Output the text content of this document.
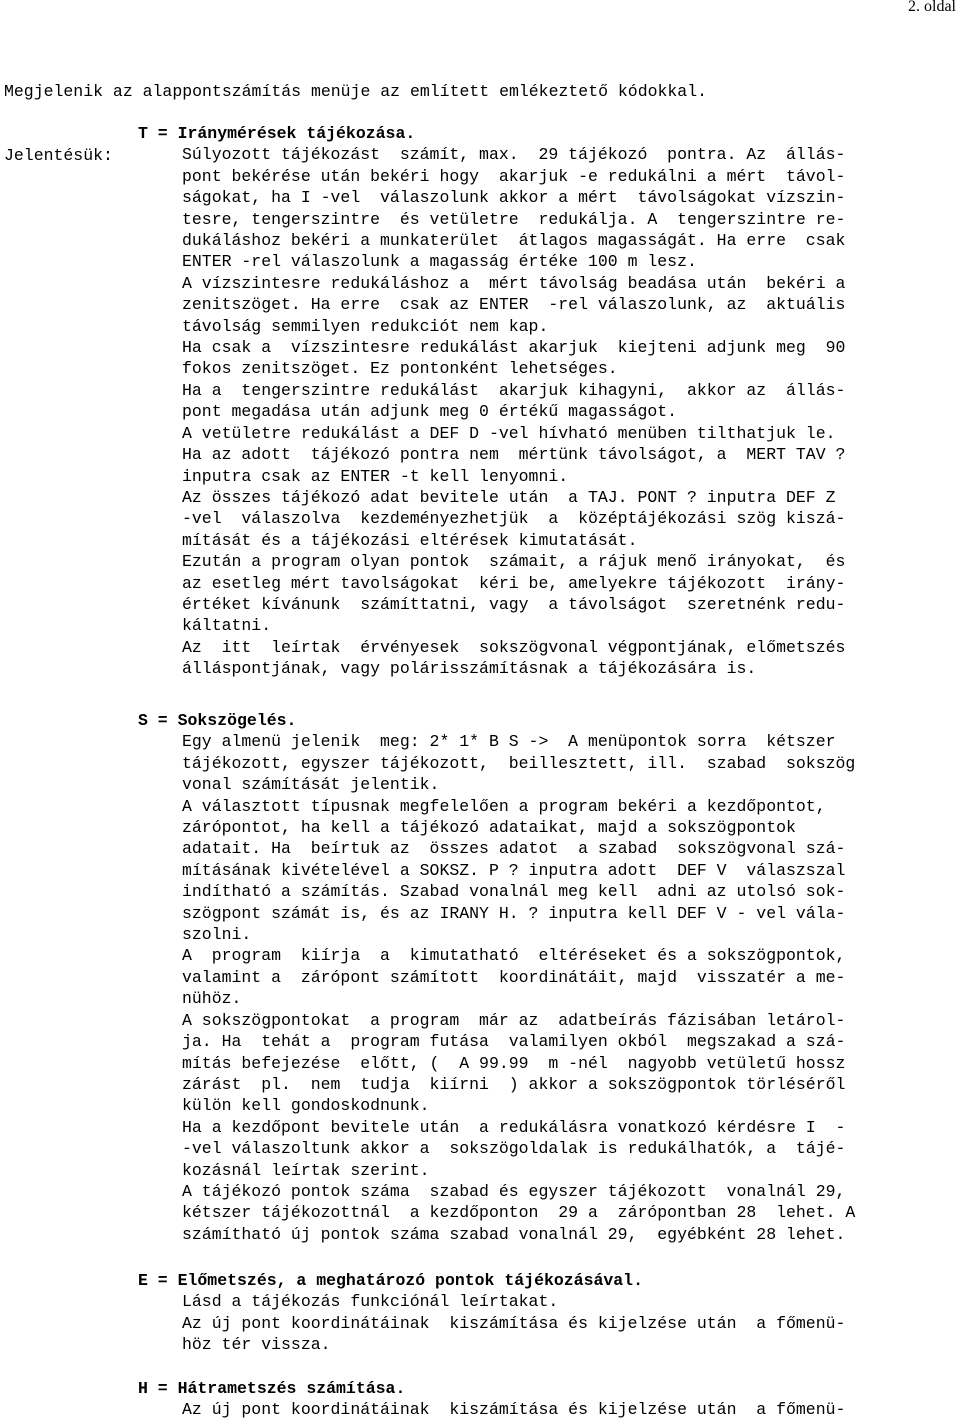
2. oldal

Megjelenik az alappontszámítás menüje az említett emlékeztető kódokkal.

Jelentésük:

T = Iránymérések tájékozása.
Súlyozott tájékozást  számít, max.  29 tájékozó  pontra. Az  állás-
pont bekérése után bekéri hogy  akarjuk -e redukálni a mért  távol-
ságokat, ha I -vel  válaszolunk akkor a mért  távolságokat vízszin-
tesre, tengerszintre  és vetületre  redukálja. A  tengerszintre re-
dukáláshoz bekéri a munkaterület  átlagos magasságát. Ha erre  csak
ENTER -rel válaszolunk a magasság értéke 100 m lesz.
A vízszintesre redukáláshoz a  mért távolság beadása után  bekéri a
zenitszöget. Ha erre  csak az ENTER  -rel válaszolunk, az  aktuális
távolság semmilyen redukciót nem kap.
Ha csak a  vízszintesre redukálást akarjuk  kiejteni adjunk meg  90
fokos zenitszöget. Ez pontonként lehetséges.
Ha a  tengerszintre redukálást  akarjuk kihagyni,  akkor az  állás-
pont megadása után adjunk meg 0 értékű magasságot.
A vetületre redukálást a DEF D -vel hívható menüben tilthatjuk le.
Ha az adott  tájékozó pontra nem  mértünk távolságot, a  MERT TAV ?
inputra csak az ENTER -t kell lenyomni.
Az összes tájékozó adat bevitele után  a TAJ. PONT ? inputra DEF Z
-vel  válaszolva  kezdeményezhetjük  a  középtájékozási szög kiszá-
mítását és a tájékozási eltérések kimutatását.
Ezután a program olyan pontok  számait, a rájuk menő irányokat,  és
az esetleg mért tavolságokat  kéri be, amelyekre tájékozott  irány-
értéket kívánunk  számíttatni, vagy  a távolságot  szeretnénk redu-
káltatni.
Az  itt  leírtak  érvényesek  sokszögvonal végpontjának, előmetszés
álláspontjának, vagy polárisszámításnak a tájékozására is.
S = Sokszögelés.
Egy almenü jelenik  meg: 2* 1* B S ->  A menüpontok sorra  kétszer
tájékozott, egyszer tájékozott,  beillesztett, ill.  szabad  sokszög
vonal számítását jelentik.
A választott típusnak megfelelően a program bekéri a kezdőpontot,
zárópontot, ha kell a tájékozó adataikat, majd a sokszögpontok
adatait. Ha  beírtuk az  összes adatot  a szabad  sokszögvonal szá-
mításának kivételével a SOKSZ. P ? inputra adott  DEF V  válaszszal
indítható a számítás. Szabad vonalnál meg kell  adni az utolsó sok-
szögpont számát is, és az IRANY H. ? inputra kell DEF V - vel vála-
szolni.
A  program  kiírja  a  kimutatható  eltéréseket és a sokszögpontok,
valamint a  zárópont számított  koordinátáit, majd  visszatér a me-
nühöz.
A sokszögpontokat  a program  már az  adatbeírás fázisában letárol-
ja. Ha  tehát a  program futása  valamilyen okból  megszakad a szá-
mítás befejezése  előtt, (  A 99.99  m -nél  nagyobb vetületű hossz
zárást  pl.  nem  tudja  kiírni  ) akkor a sokszögpontok törléséről
külön kell gondoskodnunk.
Ha a kezdőpont bevitele után  a redukálásra vonatkozó kérdésre I  -
-vel válaszoltunk akkor a  sokszögoldalak is redukálhatók, a  tájé-
kozásnál leírtak szerint.
A tájékozó pontok száma  szabad és egyszer tájékozott  vonalnál 29,
kétszer tájékozottnál  a kezdőponton  29 a  zárópontban 28  lehet. A
számítható új pontok száma szabad vonalnál 29,  egyébként 28 lehet.
E = Előmetszés, a meghatározó pontok tájékozásával.
Lásd a tájékozás funkciónál leírtakat.
Az új pont koordinátáinak  kiszámítása és kijelzése után  a főmenü-
höz tér vissza.
H = Hátrametszés számítása.
Az új pont koordinátáinak  kiszámítása és kijelzése után  a főmenü-
